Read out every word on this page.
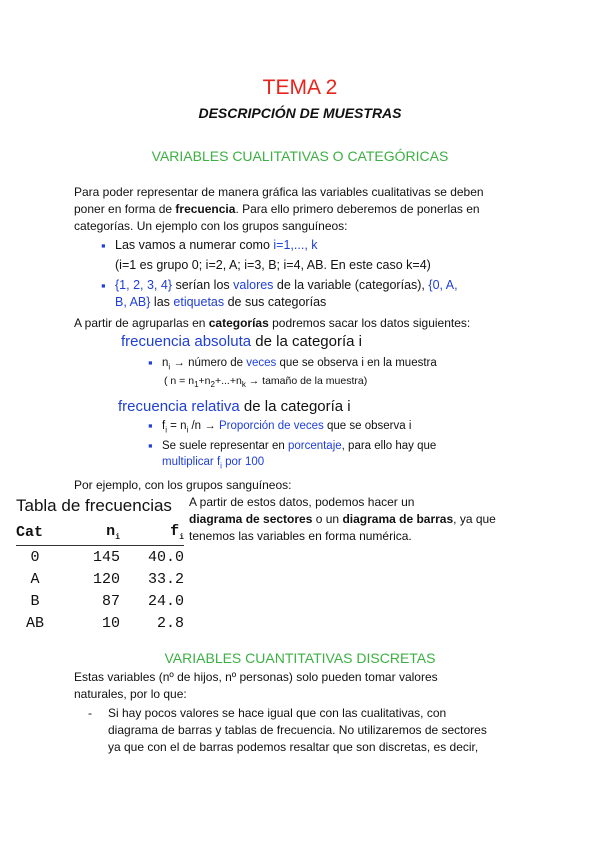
TEMA 2
DESCRIPCIÓN DE MUESTRAS
VARIABLES CUALITATIVAS O CATEGÓRICAS
Para poder representar de manera gráfica las variables cualitativas se deben
poner en forma de frecuencia. Para ello primero deberemos de ponerlas en
categorías. Un ejemplo con los grupos sanguíneos:
▪ Las vamos a numerar como i=1,..., k
(i=1 es grupo 0; i=2, A; i=3, B; i=4, AB. En este caso k=4)
▪ {1, 2, 3, 4} serían los valores de la variable (categorías), {0, A,
B, AB} las etiquetas de sus categorías
A partir de agruparlas en categorías podremos sacar los datos siguientes:
frecuencia absoluta de la categoría i
▪ $n_i$ → número de veces que se observa i en la muestra
( $n = n_1+n_2+...+n_k$ → tamaño de la muestra)
frecuencia relativa de la categoría i
▪ $f_i = n_i$ /n → Proporción de veces que se observa i
▪ Se suele representar en porcentaje, para ello hay que
multiplicar $f_i$ por 100
Por ejemplo, con los grupos sanguíneos:
Tabla de frecuencias
Cat	$n_i$	$f_i$
0	145	40.0
A	120	33.2
B	87	24.0
AB	10	2.8
A partir de estos datos, podemos hacer un
diagrama de sectores o un diagrama de barras, ya que
tenemos las variables en forma numérica.
VARIABLES CUANTITATIVAS DISCRETAS
Estas variables (nº de hijos, nº personas) solo pueden tomar valores
naturales, por lo que:
- Si hay pocos valores se hace igual que con las cualitativas, con
diagrama de barras y tablas de frecuencia. No utilizaremos de sectores
ya que con el de barras podemos resaltar que son discretas, es decir,
